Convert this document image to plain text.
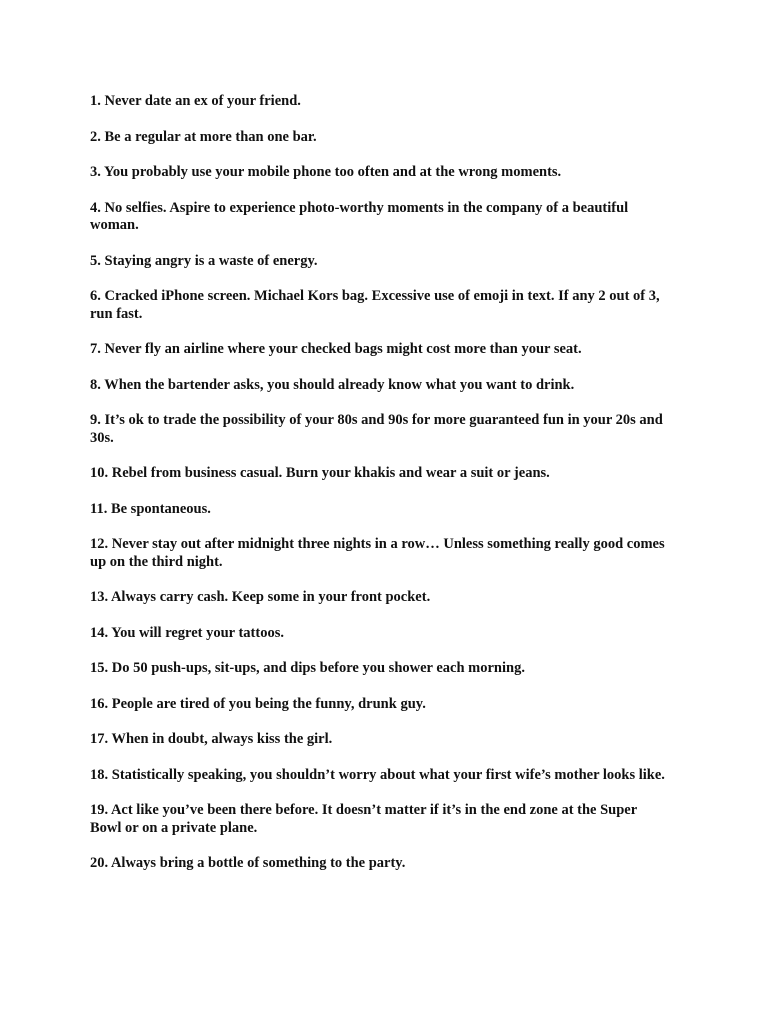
1. Never date an ex of your friend.

2. Be a regular at more than one bar.

3. You probably use your mobile phone too often and at the wrong moments.

4. No selfies. Aspire to experience photo-worthy moments in the company of a beautiful woman.

5. Staying angry is a waste of energy.

6. Cracked iPhone screen. Michael Kors bag. Excessive use of emoji in text. If any 2 out of 3, run fast.

7. Never fly an airline where your checked bags might cost more than your seat.

8. When the bartender asks, you should already know what you want to drink.

9. It’s ok to trade the possibility of your 80s and 90s for more guaranteed fun in your 20s and 30s.

10. Rebel from business casual. Burn your khakis and wear a suit or jeans.

11. Be spontaneous.

12. Never stay out after midnight three nights in a row… Unless something really good comes up on the third night.

13. Always carry cash. Keep some in your front pocket.

14. You will regret your tattoos.

15. Do 50 push-ups, sit-ups, and dips before you shower each morning.

16. People are tired of you being the funny, drunk guy.

17. When in doubt, always kiss the girl.

18. Statistically speaking, you shouldn’t worry about what your first wife’s mother looks like.

19. Act like you’ve been there before. It doesn’t matter if it’s in the end zone at the Super Bowl or on a private plane.

20. Always bring a bottle of something to the party.
